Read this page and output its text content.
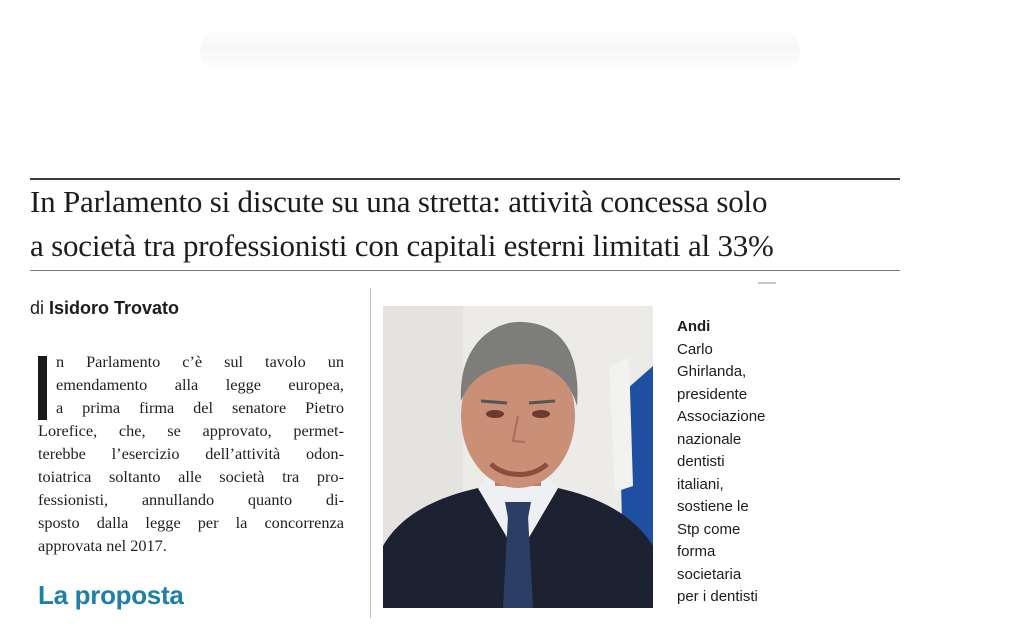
In Parlamento si discute su una stretta: attività concessa solo
a società tra professionisti con capitali esterni limitati al 33%
di Isidoro Trovato
n Parlamento c’è sul tavolo un
emendamento alla legge europea,
a prima firma del senatore Pietro
Lorefice, che, se approvato, permet-
terebbe l’esercizio dell’attività odon-
toiatrica soltanto alle società tra pro-
fessionisti, annullando quanto di-
sposto dalla legge per la concorrenza
approvata nel 2017.
La proposta
Andi
Carlo
Ghirlanda,
presidente
Associazione
nazionale
dentisti
italiani,
sostiene le
Stp come
forma
societaria
per i dentisti
